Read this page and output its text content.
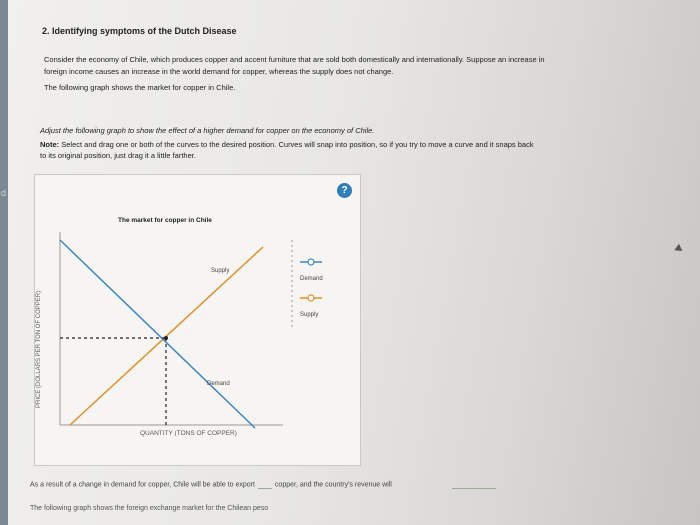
d
2. Identifying symptoms of the Dutch Disease
Consider the economy of Chile, which produces copper and accent furniture that are sold both domestically and internationally. Suppose an increase in
foreign income causes an increase in the world demand for copper, whereas the supply does not change.
The following graph shows the market for copper in Chile.
Adjust the following graph to show the effect of a higher demand for copper on the economy of Chile.
Note: Select and drag one or both of the curves to the desired position. Curves will snap into position, so if you try to move a curve and it snaps back
to its original position, just drag it a little farther.
?
The market for copper in Chile
PRICE (DOLLARS PER TON OF COPPER)
QUANTITY (TONS OF COPPER)
Supply
Demand
Demand
Supply
As a result of a change in demand for copper, Chile will be able to export	copper, and the country's revenue will
The following graph shows the foreign exchange market for the Chilean peso
